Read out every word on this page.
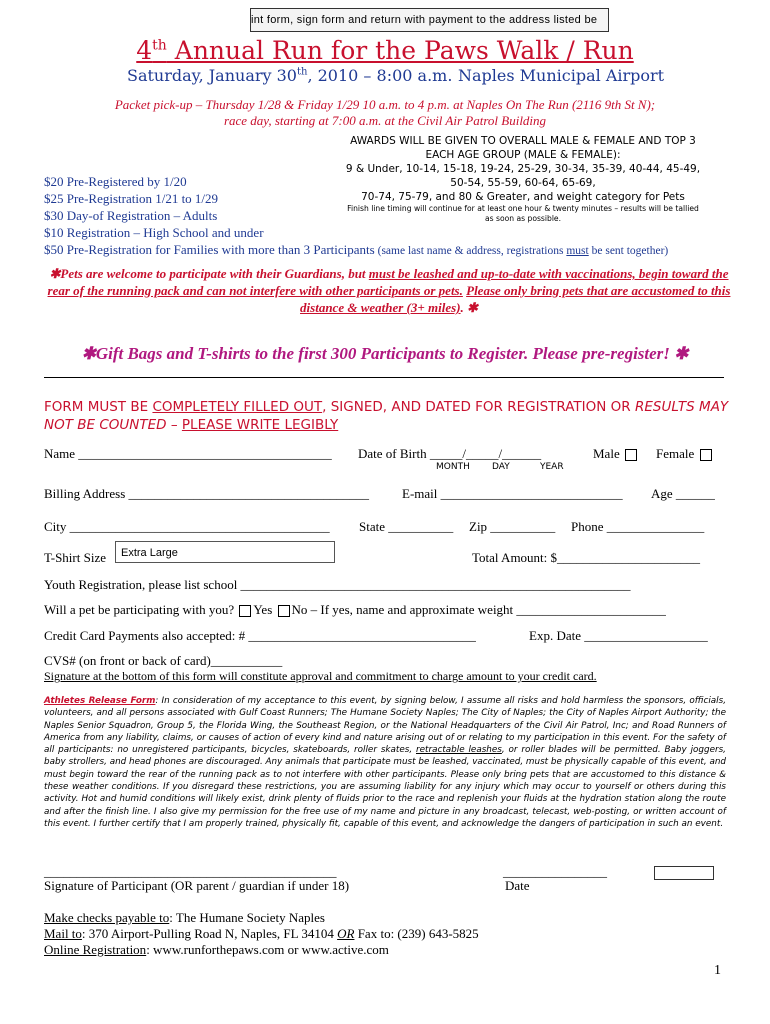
int form, sign form and return with payment to the address listed be
4th Annual Run for the Paws Walk / Run
Saturday, January 30th, 2010 – 8:00 a.m. Naples Municipal Airport
Packet pick-up – Thursday 1/28 & Friday 1/29 10 a.m. to 4 p.m. at Naples On The Run (2116 9th St N);
race day, starting at 7:00 a.m. at the Civil Air Patrol Building
AWARDS WILL BE GIVEN TO OVERALL MALE & FEMALE AND TOP 3
EACH AGE GROUP (MALE & FEMALE):
9 & Under, 10-14, 15-18, 19-24, 25-29, 30-34, 35-39, 40-44, 45-49,
50-54, 55-59, 60-64, 65-69,
70-74, 75-79, and 80 & Greater, and weight category for Pets
Finish line timing will continue for at least one hour & twenty minutes – results will be tallied
as soon as possible.
$20 Pre-Registered by 1/20
$25 Pre-Registration 1/21 to 1/29
$30 Day-of Registration – Adults
$10 Registration – High School and under
$50 Pre-Registration for Families with more than 3 Participants (same last name & address, registrations must be sent together)
✱Pets are welcome to participate with their Guardians, but must be leashed and up-to-date with vaccinations, begin toward the rear of the running pack and can not interfere with other participants or pets. Please only bring pets that are accustomed to this distance & weather (3+ miles). ✱
✱Gift Bags and T-shirts to the first 300 Participants to Register. Please pre-register! ✱
FORM MUST BE COMPLETELY FILLED OUT, SIGNED, AND DATED FOR REGISTRATION OR RESULTS MAY NOT BE COUNTED – PLEASE WRITE LEGIBLY
Name _______________________________________ Date of Birth _____/_____/______
MONTH DAY	YEAR
Male	Female
Billing Address _____________________________________	E-mail ____________________________ Age ______
City ________________________________________ State __________ Zip __________ Phone _______________
T-Shirt Size	Extra Large	Total Amount: $______________________
Youth Registration, please list school ____________________________________________________________
Will a pet be participating with you? Yes No – If yes, name and approximate weight _______________________
Credit Card Payments also accepted: # ___________________________________	Exp. Date ___________________
CVS# (on front or back of card)___________
Signature at the bottom of this form will constitute approval and commitment to charge amount to your credit card.
Athletes Release Form: In consideration of my acceptance to this event, by signing below, I assume all risks and hold harmless the sponsors, officials, volunteers, and all persons associated with Gulf Coast Runners; The Humane Society Naples; The City of Naples; the City of Naples Airport Authority; the Naples Senior Squadron, Group 5, the Florida Wing, the Southeast Region, or the National Headquarters of the Civil Air Patrol, Inc; and Road Runners of America from any liability, claims, or causes of action of every kind and nature arising out of or relating to my participation in this event. For the safety of all participants: no unregistered participants, bicycles, skateboards, roller skates, retractable leashes, or roller blades will be permitted. Baby joggers, baby strollers, and head phones are discouraged. Any animals that participate must be leashed, vaccinated, must be physically capable of this event, and must begin toward the rear of the running pack as to not interfere with other participants. Please only bring pets that are accustomed to this distance & these weather conditions. If you disregard these restrictions, you are assuming liability for any injury which may occur to yourself or others during this activity. Hot and humid conditions will likely exist, drink plenty of fluids prior to the race and replenish your fluids at the hydration station along the route and after the finish line. I also give my permission for the free use of my name and picture in any broadcast, telecast, web-posting, or written account of this event. I further certify that I am properly trained, physically fit, capable of this event, and acknowledge the dangers of participation in such an event.
_____________________________________________
Signature of Participant (OR parent / guardian if under 18)
________________
Date
Make checks payable to: The Humane Society Naples
Mail to: 370 Airport-Pulling Road N, Naples, FL 34104 OR Fax to: (239) 643-5825
Online Registration: www.runforthepaws.com or www.active.com
1
